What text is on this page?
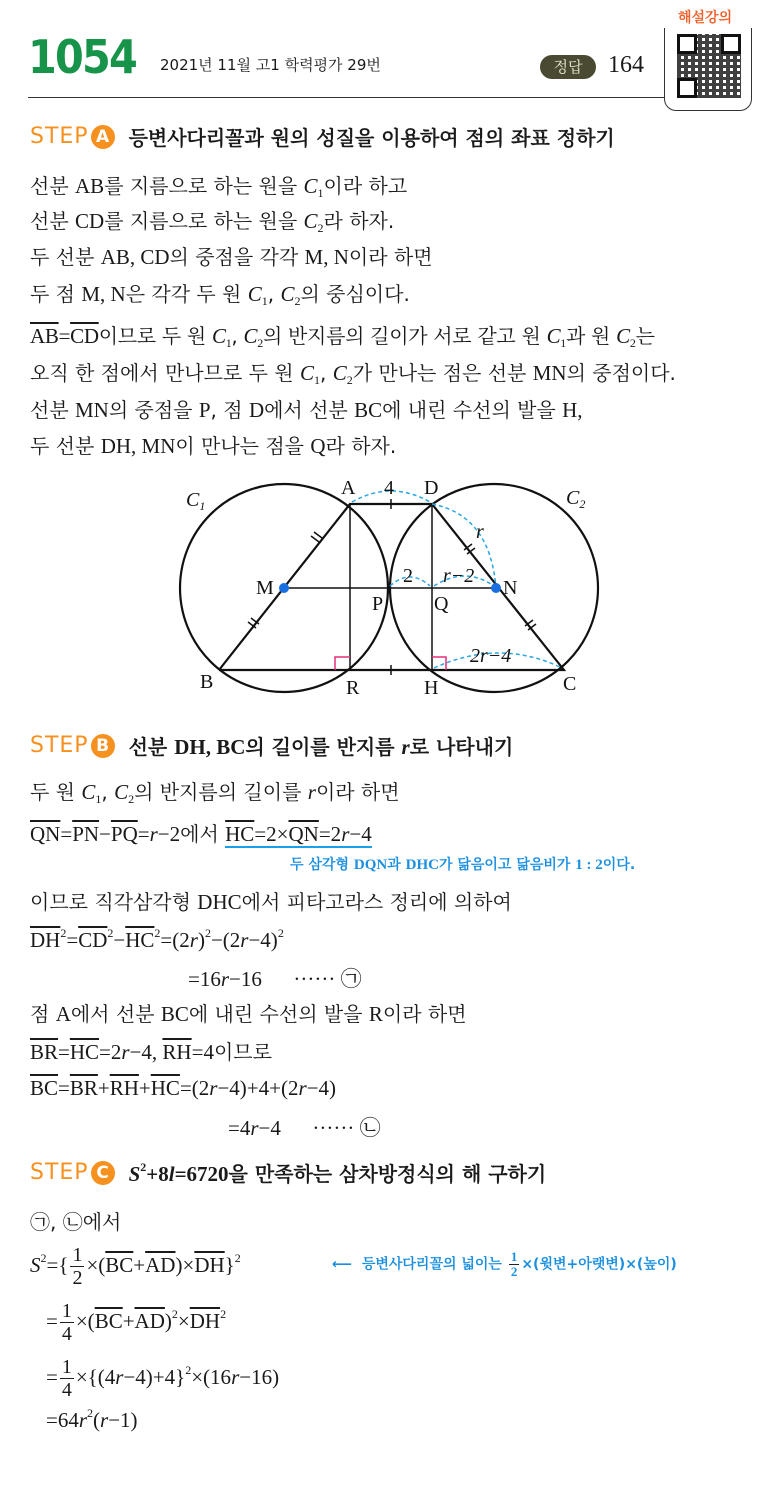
1054 2021년 11월 고1 학력평가 29번	정답	164
해설강의
STEP A 등변사다리꼴과 원의 성질을 이용하여 점의 좌표 정하기
선분 AB를 지름으로 하는 원을 $C_1$이라 하고
선분 CD를 지름으로 하는 원을 $C_2$라 하자.
두 선분 AB, CD의 중점을 각각 M, N이라 하면
두 점 M, N은 각각 두 원 $C_1$, $C_2$의 중심이다.
$\overline{AB}=\overline{CD}$이므로 두 원 $C_1$, $C_2$의 반지름의 길이가 서로 같고 원 $C_1$과 원 $C_2$는
오직 한 점에서 만나므로 두 원 $C_1$, $C_2$가 만나는 점은 선분 MN의 중점이다.
선분 MN의 중점을 P, 점 D에서 선분 BC에 내린 수선의 발을 H,
두 선분 DH, MN이 만나는 점을 Q라 하자.
$C_1$	$C_2$
A	D
M	N
P	Q
B	R	H	C
4
r
2 r−2
2r−4
STEP B 선분 DH, BC의 길이를 반지름 r로 나타내기
두 원 $C_1$, $C_2$의 반지름의 길이를 r이라 하면
$\overline{QN}=\overline{PN}-\overline{PQ}=r-2$에서 $\overline{HC}=2\times\overline{QN}=2r-4$
두 삼각형 DQN과 DHC가 닮음이고 닮음비가 1 : 2이다.
이므로 직각삼각형 DHC에서 피타고라스 정리에 의하여
$\overline{DH}^2=\overline{CD}^2-\overline{HC}^2=(2r)^2-(2r-4)^2$
=16r−16      ······ ㉠
점 A에서 선분 BC에 내린 수선의 발을 R이라 하면
$\overline{BR}=\overline{HC}=2r-4$, $\overline{RH}=4$이므로
$\overline{BC}=\overline{BR}+\overline{RH}+\overline{HC}=(2r-4)+4+(2r-4)$
=4r−4      ······ ㉡
STEP C $S^2+8l=6720$을 만족하는 삼차방정식의 해 구하기
㉠, ㉡에서
$S^2=\{ \frac{1}{2} \times(\overline{BC}+\overline{AD})\times\overline{DH}\}^2$	⟵  등변사다리꼴의 넓이는 $\frac{1}{2}$ ×(윗변+아랫변)×(높이)
= $\frac{1}{4} \times(\overline{BC}+\overline{AD})^2\times\overline{DH}^2$
= $\frac{1}{4} \times\{(4r-4)+4\}^2\times(16r-16)$
$=64r^2(r-1)$
